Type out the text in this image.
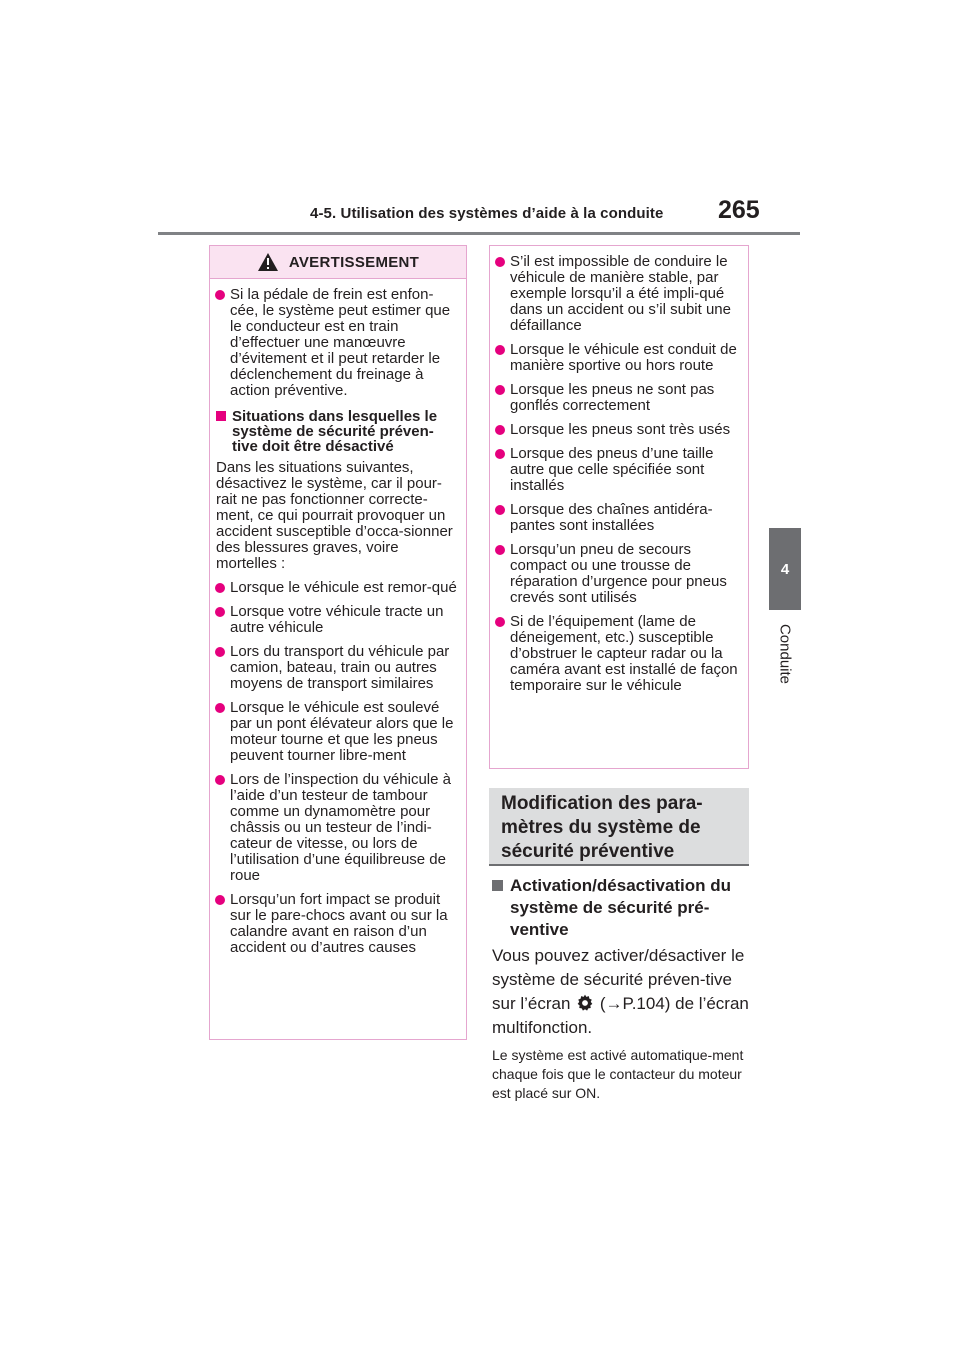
4-5. Utilisation des systèmes d’aide à la conduite 265
4
Conduite
AVERTISSEMENT
Si la pédale de frein est enfon-cée, le système peut estimer que le conducteur est en train d’effectuer une manœuvre d’évitement et il peut retarder le déclenchement du freinage à action préventive.
Situations dans lesquelles le système de sécurité préven-tive doit être désactivé
Dans les situations suivantes, désactivez le système, car il pour-rait ne pas fonctionner correcte-ment, ce qui pourrait provoquer un accident susceptible d’occa-sionner des blessures graves, voire mortelles :
Lorsque le véhicule est remor-qué
Lorsque votre véhicule tracte un autre véhicule
Lors du transport du véhicule par camion, bateau, train ou autres moyens de transport similaires
Lorsque le véhicule est soulevé par un pont élévateur alors que le moteur tourne et que les pneus peuvent tourner libre-ment
Lors de l’inspection du véhicule à l’aide d’un testeur de tambour comme un dynamomètre pour châssis ou un testeur de l’indi-cateur de vitesse, ou lors de l’utilisation d’une équilibreuse de roue
Lorsqu’un fort impact se produit sur le pare-chocs avant ou sur la calandre avant en raison d’un accident ou d’autres causes
S’il est impossible de conduire le véhicule de manière stable, par exemple lorsqu’il a été impli-qué dans un accident ou s’il subit une défaillance
Lorsque le véhicule est conduit de manière sportive ou hors route
Lorsque les pneus ne sont pas gonflés correctement
Lorsque les pneus sont très usés
Lorsque des pneus d’une taille autre que celle spécifiée sont installés
Lorsque des chaînes antidéra-pantes sont installées
Lorsqu’un pneu de secours compact ou une trousse de réparation d’urgence pour pneus crevés sont utilisés
Si de l’équipement (lame de déneigement, etc.) susceptible d’obstruer le capteur radar ou la caméra avant est installé de façon temporaire sur le véhicule
Modification des para-mètres du système de sécurité préventive
Activation/désactivation du système de sécurité pré-ventive
Vous pouvez activer/désactiver le système de sécurité préven-tive sur l’écran (→P.104) de l’écran multifonction.
Le système est activé automatique-ment chaque fois que le contacteur du moteur est placé sur ON.
